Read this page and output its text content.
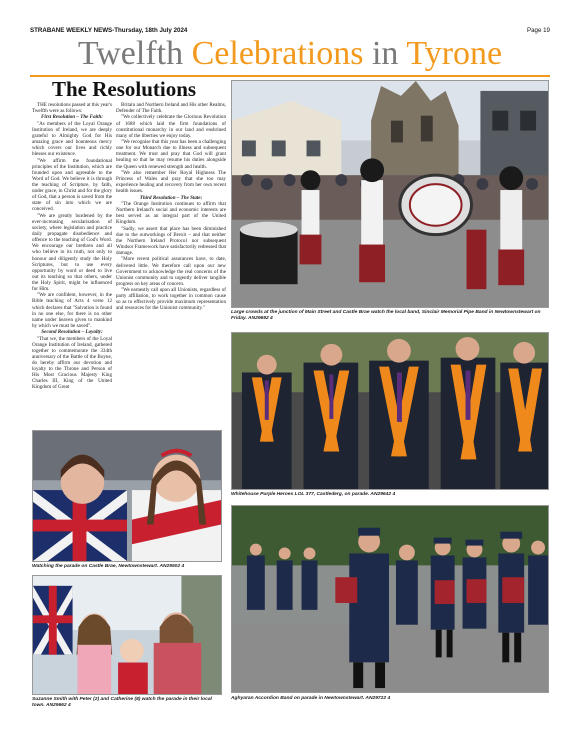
STRABANE WEEKLY NEWS-Thursday, 18th July 2024	Page 19
Twelfth Celebrations in Tyrone
The Resolutions

THE resolutions passed at this year's Twelfth were as follows:

First Resolution – The Faith:

"As members of the Loyal Orange Institution of Ireland, we are deeply grateful to Almighty God for His amazing grace and bounteous mercy which covers our lives and richly blesses our existence.

"We affirm the foundational principles of the Institution, which are founded upon and agreeable to the Word of God. We believe it is through the teaching of Scripture, by faith, under grace, in Christ and for the glory of God, that a person is saved from the state of sin into which we are conceived.

"We are greatly burdened by the ever-increasing secularisation of society, where legislation and practice daily propagate disobedience and offence to the teaching of God's Word. We encourage our brethren and all who believe in its truth, not only to honour and diligently study the Holy Scriptures, but to use every opportunity by word or deed to live out its teaching so that others, under the Holy Spirit, might be influenced for Him.

"We are confident, however, in the Bible teaching of Acts 4 verse 12 which declares that "Salvation is found in no one else, for there is no other name under heaven given to mankind by which we must be saved".

Second Resolution – Loyalty:

"That we, the members of the Loyal Orange Institution of Ireland, gathered together to commemorate the 334th anniversary of the Battle of the Boyne, do hereby affirm our devotion and loyalty to the Throne and Person of His Most Gracious Majesty King Charles III, King of the United Kingdom of Great

Britain and Northern Ireland and His other Realms, Defender of The Faith.

"We collectively celebrate the Glorious Revolution of 1688 which laid the firm foundations of constitutional monarchy in our land and enshrined many of the liberties we enjoy today.

"We recognise that this year has been a challenging one for our Monarch due to illness and subsequent treatment. We trust and pray that God will grant healing so that he may resume his duties alongside the Queen with renewed strength and health.

"We also remember Her Royal Highness The Princess of Wales and pray that she too may experience healing and recovery from her own recent health issues.

Third Resolution – The State:

"The Orange Institution continues to affirm that Northern Ireland's social and economic interests are best served as an integral part of the United Kingdom.

"Sadly, we assert that place has been diminished due to the outworkings of Brexit – and that neither the Northern Ireland Protocol nor subsequent Windsor Framework have satisfactorily redressed that damage.

"More recent political assurances have, to date, delivered little. We therefore call upon our new Government to acknowledge the real concerns of the Unionist community and to urgently deliver tangible progress on key areas of concern.

"We earnestly call upon all Unionists, regardless of party affiliation, to work together in common cause so as to effectively provide maximum representation and resources for the Unionist community."

Large crowds at the junction of Main Street and Castle Brae watch the local band, Sinclair Memorial Pipe Band in Newtownstewart on Friday. AN29692 4
Whitehouse Purple Heroes LOL 377, Castlederg, on parade. AN29642 4
Watching the parade on Castle Brae, Newtownstewart. AN29502 4
Suzanne Smith with Peter (2) and Catherine (8) watch the parade in their local town. AN29662 4
Aghyaran Accordion Band on parade in Newtownstewart. AN29722 4
